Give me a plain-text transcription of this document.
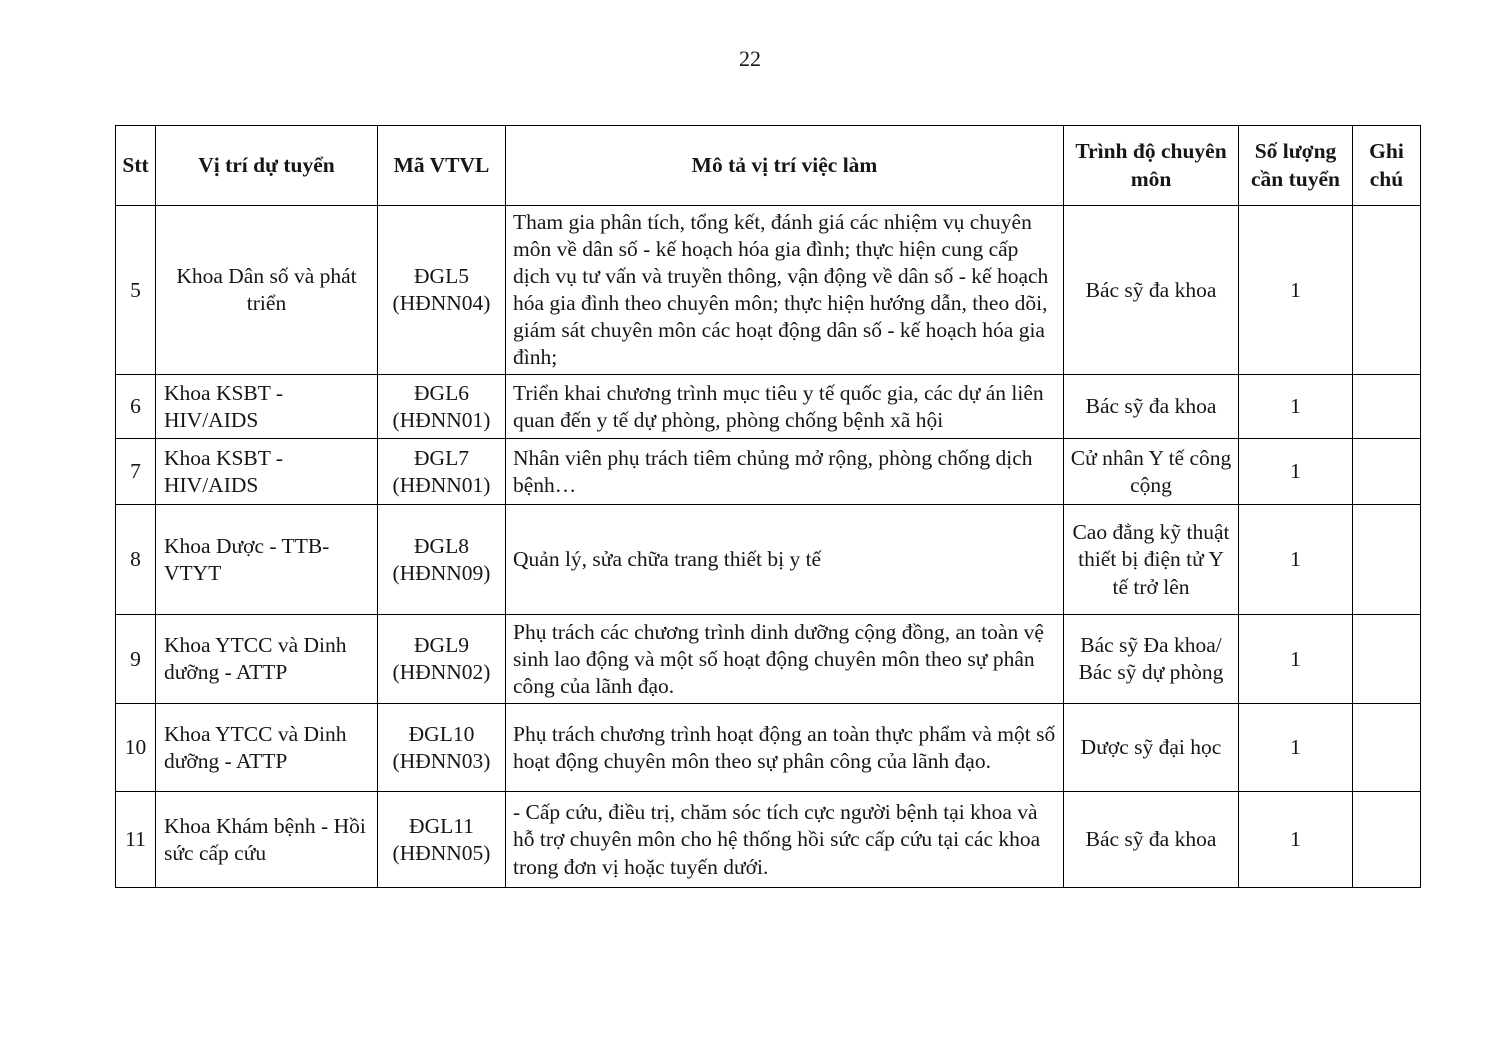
22
Stt	Vị trí dự tuyển	Mã VTVL	Mô tả vị trí việc làm	Trình độ chuyên môn	Số lượng cần tuyển	Ghi chú
5	Khoa Dân số và phát triển	ĐGL5 (HĐNN04)	Tham gia phân tích, tổng kết, đánh giá các nhiệm vụ chuyên môn về dân số - kế hoạch hóa gia đình; thực hiện cung cấp dịch vụ tư vấn và truyền thông, vận động về dân số - kế hoạch hóa gia đình theo chuyên môn; thực hiện hướng dẫn, theo dõi, giám sát chuyên môn các hoạt động dân số - kế hoạch hóa gia đình;	Bác sỹ đa khoa	1	
6	Khoa KSBT - HIV/AIDS	ĐGL6 (HĐNN01)	Triển khai chương trình mục tiêu y tế quốc gia, các dự án liên quan đến y tế dự phòng, phòng chống bệnh xã hội	Bác sỹ đa khoa	1	
7	Khoa KSBT - HIV/AIDS	ĐGL7 (HĐNN01)	Nhân viên phụ trách tiêm chủng mở rộng, phòng chống dịch bệnh…	Cử nhân Y tế công cộng	1	
8	Khoa Dược - TTB-VTYT	ĐGL8 (HĐNN09)	Quản lý, sửa chữa trang thiết bị y tế	Cao đẳng kỹ thuật thiết bị điện tử Y tế trở lên	1	
9	Khoa YTCC và Dinh dưỡng - ATTP	ĐGL9 (HĐNN02)	Phụ trách các chương trình dinh dưỡng cộng đồng, an toàn vệ sinh lao động và một số hoạt động chuyên môn theo sự phân công của lãnh đạo.	Bác sỹ Đa khoa/ Bác sỹ dự phòng	1	
10	Khoa YTCC và Dinh dưỡng - ATTP	ĐGL10 (HĐNN03)	Phụ trách chương trình hoạt động an toàn thực phẩm và một số hoạt động chuyên môn theo sự phân công của lãnh đạo.	Dược sỹ đại học	1	
11	Khoa Khám bệnh - Hồi sức cấp cứu	ĐGL11 (HĐNN05)	- Cấp cứu, điều trị, chăm sóc tích cực người bệnh tại khoa và hỗ trợ chuyên môn cho hệ thống hồi sức cấp cứu tại các khoa trong đơn vị hoặc tuyến dưới.	Bác sỹ đa khoa	1	
